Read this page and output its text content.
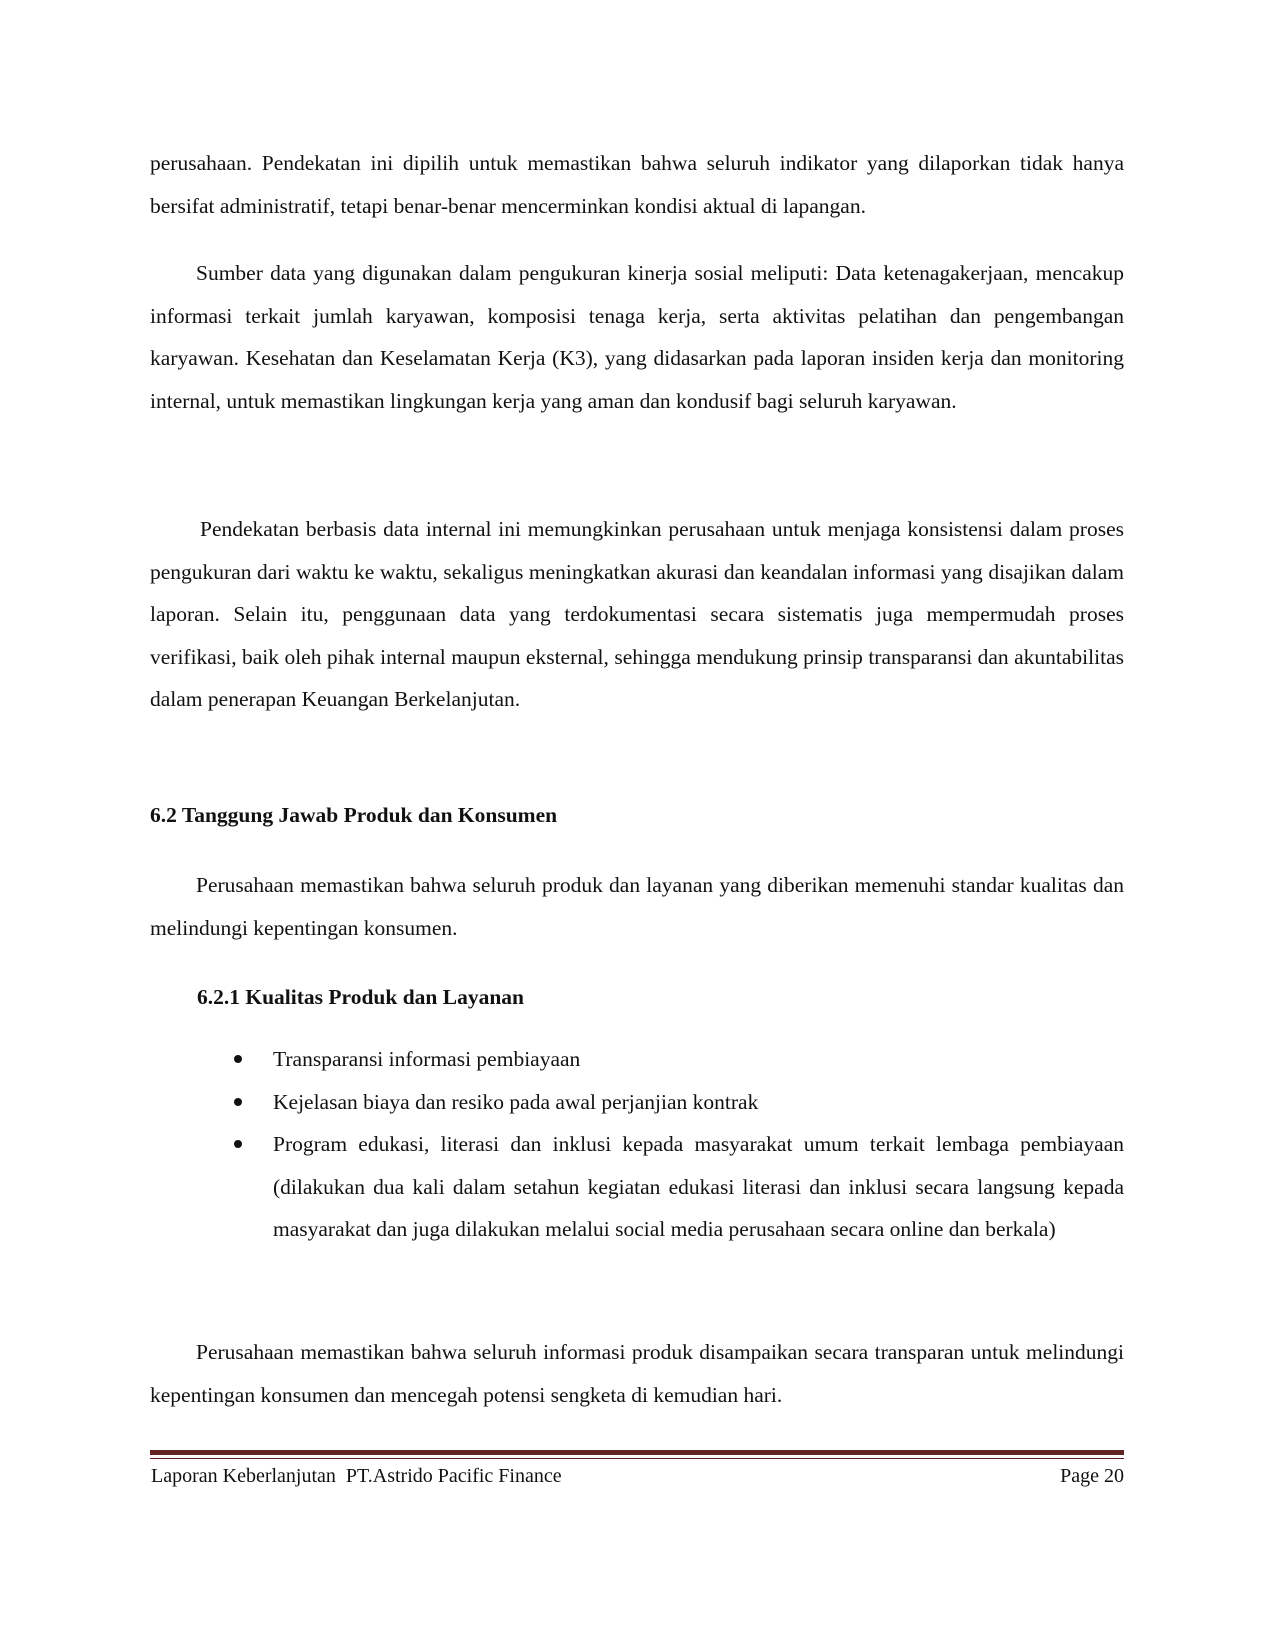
perusahaan. Pendekatan ini dipilih untuk memastikan bahwa seluruh indikator yang dilaporkan tidak hanya bersifat administratif, tetapi benar-benar mencerminkan kondisi aktual di lapangan.

Sumber data yang digunakan dalam pengukuran kinerja sosial meliputi: Data ketenagakerjaan, mencakup informasi terkait jumlah karyawan, komposisi tenaga kerja, serta aktivitas pelatihan dan pengembangan karyawan. Kesehatan dan Keselamatan Kerja (K3), yang didasarkan pada laporan insiden kerja dan monitoring internal, untuk memastikan lingkungan kerja yang aman dan kondusif bagi seluruh karyawan.

Pendekatan berbasis data internal ini memungkinkan perusahaan untuk menjaga konsistensi dalam proses pengukuran dari waktu ke waktu, sekaligus meningkatkan akurasi dan keandalan informasi yang disajikan dalam laporan. Selain itu, penggunaan data yang terdokumentasi secara sistematis juga mempermudah proses verifikasi, baik oleh pihak internal maupun eksternal, sehingga mendukung prinsip transparansi dan akuntabilitas dalam penerapan Keuangan Berkelanjutan.

6.2 Tanggung Jawab Produk dan Konsumen

Perusahaan memastikan bahwa seluruh produk dan layanan yang diberikan memenuhi standar kualitas dan melindungi kepentingan konsumen.

6.2.1 Kualitas Produk dan Layanan
Transparansi informasi pembiayaan
Kejelasan biaya dan resiko pada awal perjanjian kontrak
Program edukasi, literasi dan inklusi kepada masyarakat umum terkait lembaga pembiayaan (dilakukan dua kali dalam setahun kegiatan edukasi literasi dan inklusi secara langsung kepada masyarakat dan juga dilakukan melalui social media perusahaan secara online dan berkala)

Perusahaan memastikan bahwa seluruh informasi produk disampaikan secara transparan untuk melindungi kepentingan konsumen dan mencegah potensi sengketa di kemudian hari.

Laporan Keberlanjutan  PT.Astrido Pacific Finance	Page 20
